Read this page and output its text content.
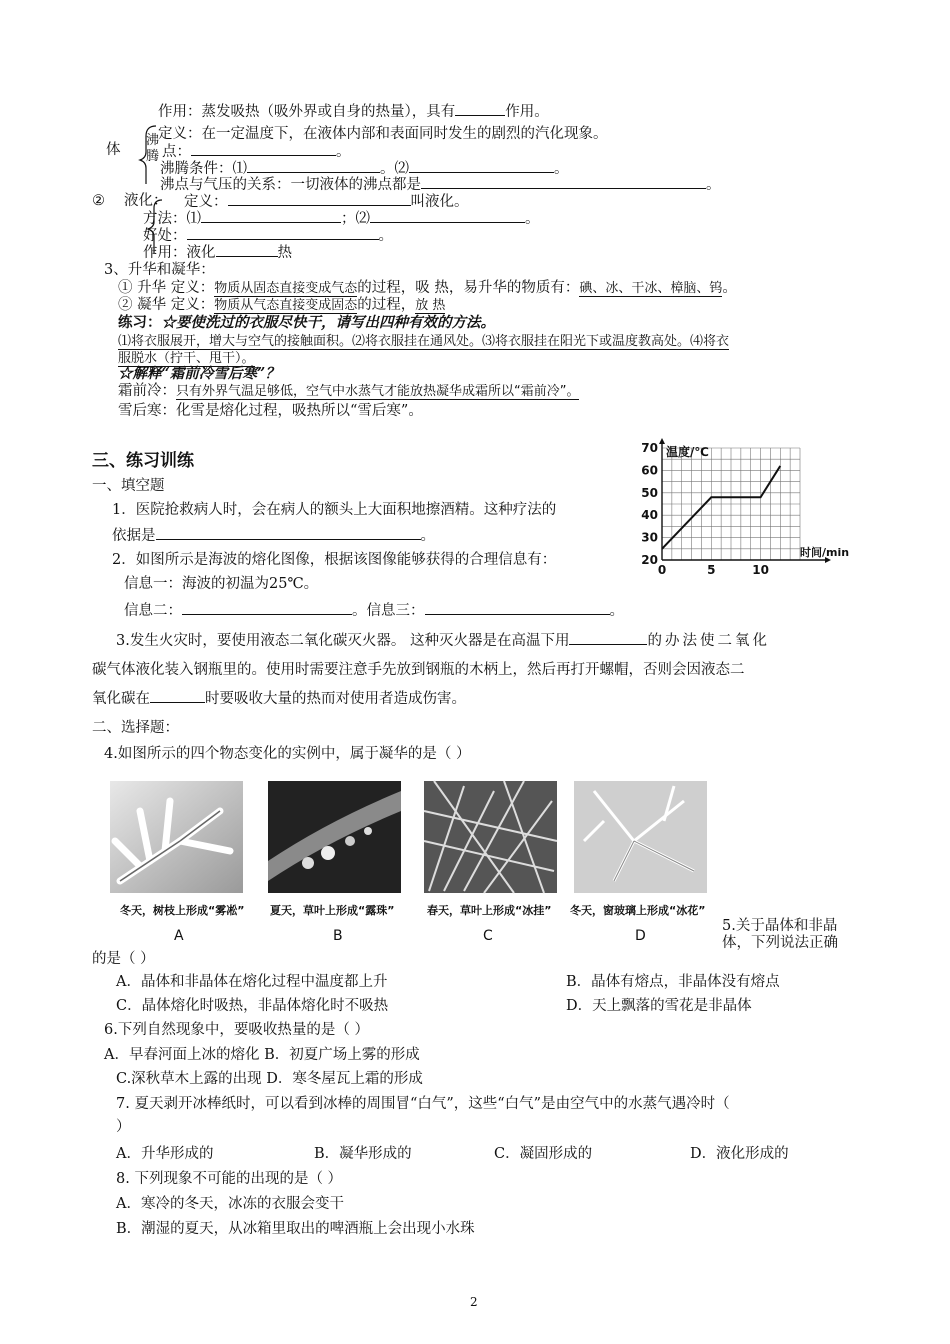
作用：蒸发吸热（吸外界或自身的热量），具有	作用。
定义：在一定温度下，在液体内部和表面同时发生的剧烈的汽化现象。
体
沸
腾 点：	。
沸腾条件：⑴	。⑵	。
沸点与气压的关系：一切液体的沸点都是	。
② 液化： 定义：	叫液化。
方法：⑴	；⑵	。
好处：	。
作用：液化	热
3、升华和凝华：
① 升华 定义：物质从固态直接变成气态的过程，吸 热，易升华的物质有：碘、冰、干冰、樟脑、钨。
② 凝华 定义：物质从气态直接变成固态的过程，放 热
练习：☆要使洗过的衣服尽快干，请写出四种有效的方法。
⑴将衣服展开，增大与空气的接触面积。⑵将衣服挂在通风处。⑶将衣服挂在阳光下或温度教高处。⑷将衣
服脱水（拧干、甩干）。
☆解释“霜前冷雪后寒”？
霜前冷：只有外界气温足够低，空气中水蒸气才能放热凝华成霜所以“霜前冷”。
雪后寒：化雪是熔化过程，吸热所以“雪后寒”。
三、练习训练
一、填空题
1．医院抢救病人时，会在病人的额头上大面积地擦酒精。这种疗法的
依据是	。
2．如图所示是海波的熔化图像，根据该图像能够获得的合理信息有：
信息一：海波的初温为25℃。
信息二：	。信息三：	。
20
30
40
50
60
70
0	5	10
温度/℃
时间/min
3.发生火灾时，要使用液态二氧化碳灭火器。 这种灭火器是在高温下用	的办法使二氧化
碳气体液化装入钢瓶里的。使用时需要注意手先放到钢瓶的木柄上，然后再打开螺帽，否则会因液态二
氧化碳在	时要吸收大量的热而对使用者造成伤害。
二、选择题：
4.如图所示的四个物态变化的实例中，属于凝华的是（ ）
冬天，树枝上形成“雾凇” 夏天，草叶上形成“露珠”	春天，草叶上形成“冰挂” 冬天，窗玻璃上形成“冰花”
A	B	C	D
5.关于晶体和非晶
体，下列说法正确
的是（ ）
A．晶体和非晶体在熔化过程中温度都上升	B．晶体有熔点，非晶体没有熔点
C．晶体熔化时吸热，非晶体熔化时不吸热	D．天上飘落的雪花是非晶体
6.下列自然现象中，要吸收热量的是（ ）
A．早春河面上冰的熔化 B．初夏广场上雾的形成
C.深秋草木上露的出现 D．寒冬屋瓦上霜的形成
7. 夏天剥开冰棒纸时，可以看到冰棒的周围冒“白气”，这些“白气”是由空气中的水蒸气遇冷时（
）
A．升华形成的	B．凝华形成的	C．凝固形成的	D．液化形成的
8. 下列现象不可能的出现的是（ ）
A．寒冷的冬天，冰冻的衣服会变干
B．潮湿的夏天，从冰箱里取出的啤酒瓶上会出现小水珠
2
